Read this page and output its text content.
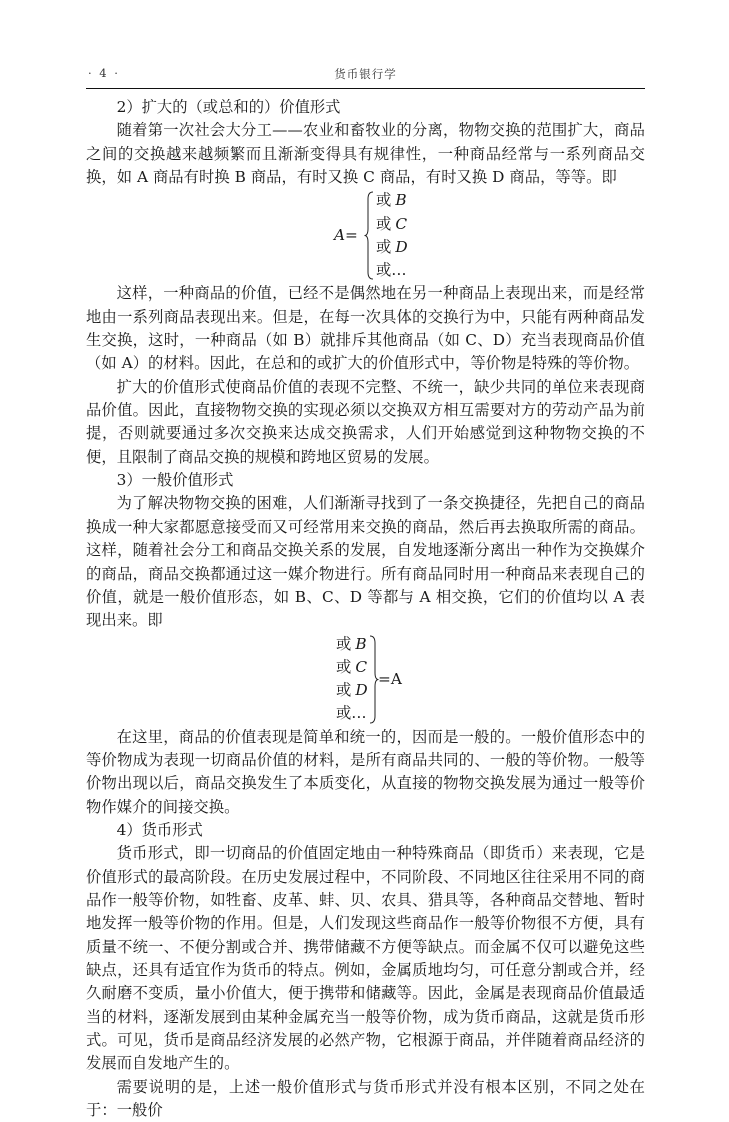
· 4 ·	货币银行学

2）扩大的（或总和的）价值形式

随着第一次社会大分工——农业和畜牧业的分离，物物交换的范围扩大，商品之间的交换越来越频繁而且渐渐变得具有规律性，一种商品经常与一系列商品交换，如 A 商品有时换 B 商品，有时又换 C 商品，有时又换 D 商品，等等。即

A=
或 B
或 C
或 D
或…

这样，一种商品的价值，已经不是偶然地在另一种商品上表现出来，而是经常地由一系列商品表现出来。但是，在每一次具体的交换行为中，只能有两种商品发生交换，这时，一种商品（如 B）就排斥其他商品（如 C、D）充当表现商品价值（如 A）的材料。因此，在总和的或扩大的价值形式中，等价物是特殊的等价物。

扩大的价值形式使商品价值的表现不完整、不统一，缺少共同的单位来表现商品价值。因此，直接物物交换的实现必须以交换双方相互需要对方的劳动产品为前提，否则就要通过多次交换来达成交换需求，人们开始感觉到这种物物交换的不便，且限制了商品交换的规模和跨地区贸易的发展。

3）一般价值形式

为了解决物物交换的困难，人们渐渐寻找到了一条交换捷径，先把自己的商品换成一种大家都愿意接受而又可经常用来交换的商品，然后再去换取所需的商品。这样，随着社会分工和商品交换关系的发展，自发地逐渐分离出一种作为交换媒介的商品，商品交换都通过这一媒介物进行。所有商品同时用一种商品来表现自己的价值，就是一般价值形态，如 B、C、D 等都与 A 相交换，它们的价值均以 A 表现出来。即

或 B
或 C
或 D
或…
=A

在这里，商品的价值表现是简单和统一的，因而是一般的。一般价值形态中的等价物成为表现一切商品价值的材料，是所有商品共同的、一般的等价物。一般等价物出现以后，商品交换发生了本质变化，从直接的物物交换发展为通过一般等价物作媒介的间接交换。

4）货币形式

货币形式，即一切商品的价值固定地由一种特殊商品（即货币）来表现，它是价值形式的最高阶段。在历史发展过程中，不同阶段、不同地区往往采用不同的商品作一般等价物，如牲畜、皮革、蚌、贝、农具、猎具等，各种商品交替地、暂时地发挥一般等价物的作用。但是，人们发现这些商品作一般等价物很不方便，具有质量不统一、不便分割或合并、携带储藏不方便等缺点。而金属不仅可以避免这些缺点，还具有适宜作为货币的特点。例如，金属质地均匀，可任意分割或合并，经久耐磨不变质，量小价值大，便于携带和储藏等。因此，金属是表现商品价值最适当的材料，逐渐发展到由某种金属充当一般等价物，成为货币商品，这就是货币形式。可见，货币是商品经济发展的必然产物，它根源于商品，并伴随着商品经济的发展而自发地产生的。

需要说明的是，上述一般价值形式与货币形式并没有根本区别，不同之处在于：一般价
